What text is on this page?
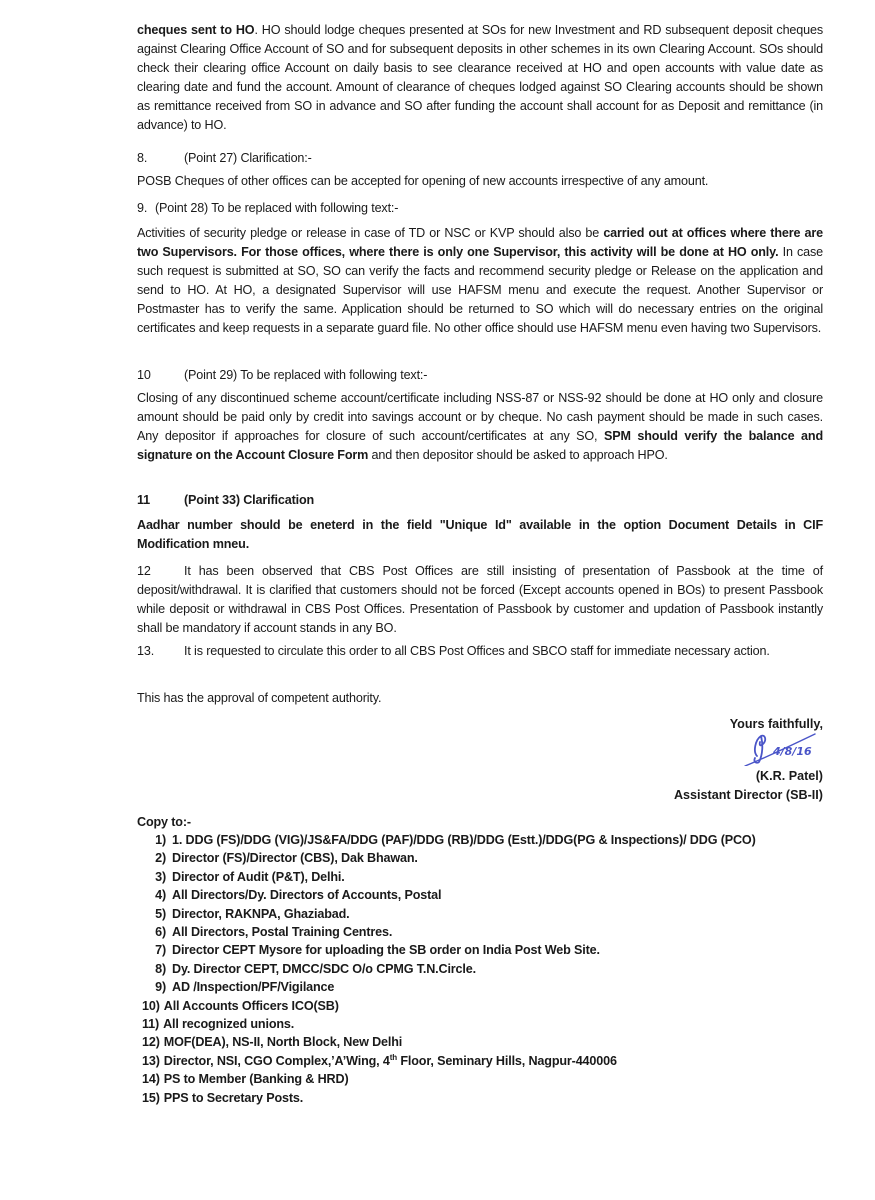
cheques sent to HO. HO should lodge cheques presented at SOs for new Investment and RD subsequent deposit cheques against Clearing Office Account of SO and for subsequent deposits in other schemes in its own Clearing Account. SOs should check their clearing office Account on daily basis to see clearance received at HO and open accounts with value date as clearing date and fund the account. Amount of clearance of cheques lodged against SO Clearing accounts should be shown as remittance received from SO in advance and SO after funding the account shall account for as Deposit and remittance (in advance) to HO.

8.	(Point 27) Clarification:-

POSB Cheques of other offices can be accepted for opening of new accounts irrespective of any amount.

9. (Point 28) To be replaced with following text:-

Activities of security pledge or release in case of TD or NSC or KVP should also be carried out at offices where there are two Supervisors. For those offices, where there is only one Supervisor, this activity will be done at HO only. In case such request is submitted at SO, SO can verify the facts and recommend security pledge or Release on the application and send to HO. At HO, a designated Supervisor will use HAFSM menu and execute the request. Another Supervisor or Postmaster has to verify the same. Application should be returned to SO which will do necessary entries on the original certificates and keep requests in a separate guard file. No other office should use HAFSM menu even having two Supervisors.

10	(Point 29) To be replaced with following text:-

Closing of any discontinued scheme account/certificate including NSS-87 or NSS-92 should be done at HO only and closure amount should be paid only by credit into savings account or by cheque. No cash payment should be made in such cases. Any depositor if approaches for closure of such account/certificates at any SO, SPM should verify the balance and signature on the Account Closure Form and then depositor should be asked to approach HPO.

11	(Point 33) Clarification

Aadhar number should be eneterd in the field "Unique Id" available in the option Document Details in CIF Modification mneu.

12	It has been observed that CBS Post Offices are still insisting of presentation of Passbook at the time of deposit/withdrawal. It is clarified that customers should not be forced (Except accounts opened in BOs) to present Passbook while deposit or withdrawal in CBS Post Offices. Presentation of Passbook by customer and updation of Passbook instantly shall be mandatory if account stands in any BO.

13. It is requested to circulate this order to all CBS Post Offices and SBCO staff for immediate necessary action.

This has the approval of competent authority.

Yours faithfully,
4/8/16
(K.R. Patel)
Assistant Director (SB-II)
Copy to:-
1) 1. DDG (FS)/DDG (VIG)/JS&FA/DDG (PAF)/DDG (RB)/DDG (Estt.)/DDG(PG & Inspections)/ DDG (PCO)
2) Director (FS)/Director (CBS), Dak Bhawan.
3) Director of Audit (P&T), Delhi.
4) All Directors/Dy. Directors of Accounts, Postal
5) Director, RAKNPA, Ghaziabad.
6) All Directors, Postal Training Centres.
7) Director CEPT Mysore for uploading the SB order on India Post Web Site.
8) Dy. Director CEPT, DMCC/SDC O/o CPMG T.N.Circle.
9) AD /Inspection/PF/Vigilance
10) All Accounts Officers ICO(SB)
11) All recognized unions.
12) MOF(DEA), NS-II, North Block, New Delhi
13) Director, NSI, CGO Complex,’A’Wing, 4th Floor, Seminary Hills, Nagpur-440006
14) PS to Member (Banking & HRD)
15) PPS to Secretary Posts.
